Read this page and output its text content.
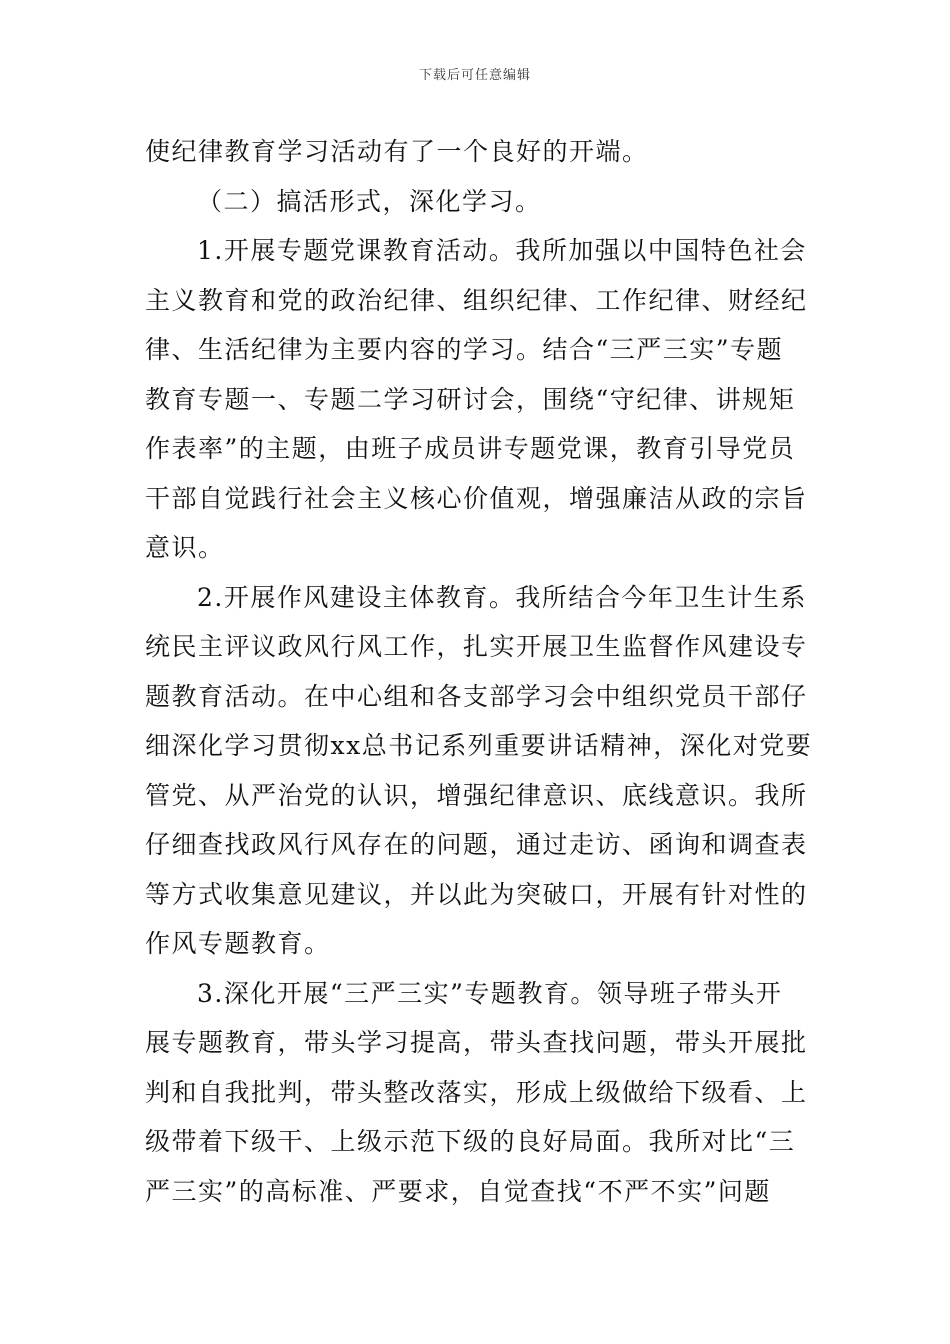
下载后可任意编辑
使纪律教育学习活动有了一个良好的开端。
（二）搞活形式，深化学习。
1.开展专题党课教育活动。我所加强以中国特色社会
主义教育和党的政治纪律、组织纪律、工作纪律、财经纪
律、生活纪律为主要内容的学习。结合“三严三实”专题
教育专题一、专题二学习研讨会，围绕“守纪律、讲规矩
作表率”的主题，由班子成员讲专题党课，教育引导党员
干部自觉践行社会主义核心价值观，增强廉洁从政的宗旨
意识。
2.开展作风建设主体教育。我所结合今年卫生计生系
统民主评议政风行风工作，扎实开展卫生监督作风建设专
题教育活动。在中心组和各支部学习会中组织党员干部仔
细深化学习贯彻xx总书记系列重要讲话精神，深化对党要
管党、从严治党的认识，增强纪律意识、底线意识。我所
仔细查找政风行风存在的问题，通过走访、函询和调查表
等方式收集意见建议，并以此为突破口，开展有针对性的
作风专题教育。
3.深化开展“三严三实”专题教育。领导班子带头开
展专题教育，带头学习提高，带头查找问题，带头开展批
判和自我批判，带头整改落实，形成上级做给下级看、上
级带着下级干、上级示范下级的良好局面。我所对比“三
严三实”的高标准、严要求，自觉查找“不严不实”问题
